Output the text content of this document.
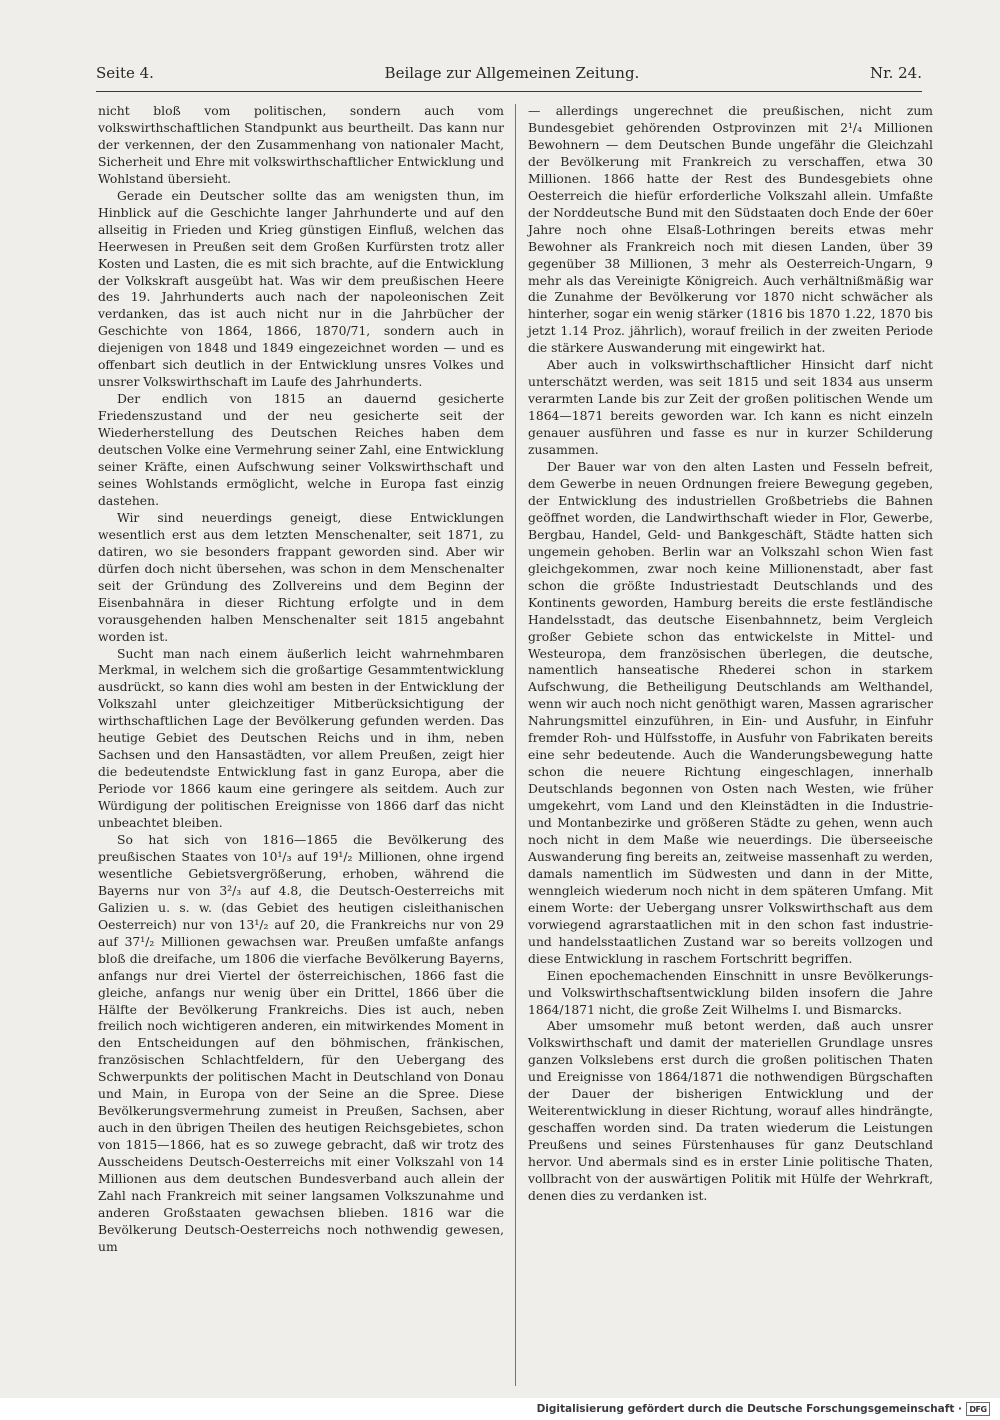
Seite 4.	Beilage zur Allgemeinen Zeitung.	Nr. 24.

nicht bloß vom politischen, sondern auch vom volkswirthschaftlichen Standpunkt aus beurtheilt. Das kann nur der verkennen, der den Zusammenhang von nationaler Macht, Sicherheit und Ehre mit volkswirthschaftlicher Entwicklung und Wohlstand übersieht.

Gerade ein Deutscher sollte das am wenigsten thun, im Hinblick auf die Geschichte langer Jahrhunderte und auf den allseitig in Frieden und Krieg günstigen Einfluß, welchen das Heerwesen in Preußen seit dem Großen Kurfürsten trotz aller Kosten und Lasten, die es mit sich brachte, auf die Entwicklung der Volkskraft ausgeübt hat. Was wir dem preußischen Heere des 19. Jahrhunderts auch nach der napoleonischen Zeit verdanken, das ist auch nicht nur in die Jahrbücher der Geschichte von 1864, 1866, 1870/71, sondern auch in diejenigen von 1848 und 1849 eingezeichnet worden — und es offenbart sich deutlich in der Entwicklung unsres Volkes und unsrer Volkswirthschaft im Laufe des Jahrhunderts.

Der endlich von 1815 an dauernd gesicherte Friedenszustand und der neu gesicherte seit der Wiederherstellung des Deutschen Reiches haben dem deutschen Volke eine Vermehrung seiner Zahl, eine Entwicklung seiner Kräfte, einen Aufschwung seiner Volkswirthschaft und seines Wohlstands ermöglicht, welche in Europa fast einzig dastehen.

Wir sind neuerdings geneigt, diese Entwicklungen wesentlich erst aus dem letzten Menschenalter, seit 1871, zu datiren, wo sie besonders frappant geworden sind. Aber wir dürfen doch nicht übersehen, was schon in dem Menschenalter seit der Gründung des Zollvereins und dem Beginn der Eisenbahnära in dieser Richtung erfolgte und in dem vorausgehenden halben Menschenalter seit 1815 angebahnt worden ist.

Sucht man nach einem äußerlich leicht wahrnehmbaren Merkmal, in welchem sich die großartige Gesammtentwicklung ausdrückt, so kann dies wohl am besten in der Entwicklung der Volkszahl unter gleichzeitiger Mitberücksichtigung der wirthschaftlichen Lage der Bevölkerung gefunden werden. Das heutige Gebiet des Deutschen Reichs und in ihm, neben Sachsen und den Hansastädten, vor allem Preußen, zeigt hier die bedeutendste Entwicklung fast in ganz Europa, aber die Periode vor 1866 kaum eine geringere als seitdem. Auch zur Würdigung der politischen Ereignisse von 1866 darf das nicht unbeachtet bleiben.

So hat sich von 1816—1865 die Bevölkerung des preußischen Staates von 10¹/₃ auf 19¹/₂ Millionen, ohne irgend wesentliche Gebietsvergrößerung, erhoben, während die Bayerns nur von 3²/₃ auf 4.8, die Deutsch-Oesterreichs mit Galizien u. s. w. (das Gebiet des heutigen cisleithanischen Oesterreich) nur von 13¹/₂ auf 20, die Frankreichs nur von 29 auf 37¹/₂ Millionen gewachsen war. Preußen umfaßte anfangs bloß die dreifache, um 1806 die vierfache Bevölkerung Bayerns, anfangs nur drei Viertel der österreichischen, 1866 fast die gleiche, anfangs nur wenig über ein Drittel, 1866 über die Hälfte der Bevölkerung Frankreichs. Dies ist auch, neben freilich noch wichtigeren anderen, ein mitwirkendes Moment in den Entscheidungen auf den böhmischen, fränkischen, französischen Schlachtfeldern, für den Uebergang des Schwerpunkts der politischen Macht in Deutschland von Donau und Main, in Europa von der Seine an die Spree. Diese Bevölkerungsvermehrung zumeist in Preußen, Sachsen, aber auch in den übrigen Theilen des heutigen Reichsgebietes, schon von 1815—1866, hat es so zuwege gebracht, daß wir trotz des Ausscheidens Deutsch-Oesterreichs mit einer Volkszahl von 14 Millionen aus dem deutschen Bundesverband auch allein der Zahl nach Frankreich mit seiner langsamen Volkszunahme und anderen Großstaaten gewachsen blieben. 1816 war die Bevölkerung Deutsch-Oesterreichs noch nothwendig gewesen, um

— allerdings ungerechnet die preußischen, nicht zum Bundesgebiet gehörenden Ostprovinzen mit 2¹/₄ Millionen Bewohnern — dem Deutschen Bunde ungefähr die Gleichzahl der Bevölkerung mit Frankreich zu verschaffen, etwa 30 Millionen. 1866 hatte der Rest des Bundesgebiets ohne Oesterreich die hiefür erforderliche Volkszahl allein. Umfaßte der Norddeutsche Bund mit den Südstaaten doch Ende der 60er Jahre noch ohne Elsaß-Lothringen bereits etwas mehr Bewohner als Frankreich noch mit diesen Landen, über 39 gegenüber 38 Millionen, 3 mehr als Oesterreich-Ungarn, 9 mehr als das Vereinigte Königreich. Auch verhältnißmäßig war die Zunahme der Bevölkerung vor 1870 nicht schwächer als hinterher, sogar ein wenig stärker (1816 bis 1870 1.22, 1870 bis jetzt 1.14 Proz. jährlich), worauf freilich in der zweiten Periode die stärkere Auswanderung mit eingewirkt hat.

Aber auch in volkswirthschaftlicher Hinsicht darf nicht unterschätzt werden, was seit 1815 und seit 1834 aus unserm verarmten Lande bis zur Zeit der großen politischen Wende um 1864—1871 bereits geworden war. Ich kann es nicht einzeln genauer ausführen und fasse es nur in kurzer Schilderung zusammen.

Der Bauer war von den alten Lasten und Fesseln befreit, dem Gewerbe in neuen Ordnungen freiere Bewegung gegeben, der Entwicklung des industriellen Großbetriebs die Bahnen geöffnet worden, die Landwirthschaft wieder in Flor, Gewerbe, Bergbau, Handel, Geld- und Bankgeschäft, Städte hatten sich ungemein gehoben. Berlin war an Volkszahl schon Wien fast gleichgekommen, zwar noch keine Millionenstadt, aber fast schon die größte Industriestadt Deutschlands und des Kontinents geworden, Hamburg bereits die erste festländische Handelsstadt, das deutsche Eisenbahnnetz, beim Vergleich großer Gebiete schon das entwickelste in Mittel- und Westeuropa, dem französischen überlegen, die deutsche, namentlich hanseatische Rhederei schon in starkem Aufschwung, die Betheiligung Deutschlands am Welthandel, wenn wir auch noch nicht genöthigt waren, Massen agrarischer Nahrungsmittel einzuführen, in Ein- und Ausfuhr, in Einfuhr fremder Roh- und Hülfsstoffe, in Ausfuhr von Fabrikaten bereits eine sehr bedeutende. Auch die Wanderungsbewegung hatte schon die neuere Richtung eingeschlagen, innerhalb Deutschlands begonnen von Osten nach Westen, wie früher umgekehrt, vom Land und den Kleinstädten in die Industrie- und Montanbezirke und größeren Städte zu gehen, wenn auch noch nicht in dem Maße wie neuerdings. Die überseeische Auswanderung fing bereits an, zeitweise massenhaft zu werden, damals namentlich im Südwesten und dann in der Mitte, wenngleich wiederum noch nicht in dem späteren Umfang. Mit einem Worte: der Uebergang unsrer Volkswirthschaft aus dem vorwiegend agrarstaatlichen mit in den schon fast industrie- und handelsstaatlichen Zustand war so bereits vollzogen und diese Entwicklung in raschem Fortschritt begriffen.

Einen epochemachenden Einschnitt in unsre Bevölkerungs- und Volkswirthschaftsentwicklung bilden insofern die Jahre 1864/1871 nicht, die große Zeit Wilhelms I. und Bismarcks.

Aber umsomehr muß betont werden, daß auch unsrer Volkswirthschaft und damit der materiellen Grundlage unsres ganzen Volkslebens erst durch die großen politischen Thaten und Ereignisse von 1864/1871 die nothwendigen Bürgschaften der Dauer der bisherigen Entwicklung und der Weiterentwicklung in dieser Richtung, worauf alles hindrängte, geschaffen worden sind. Da traten wiederum die Leistungen Preußens und seines Fürstenhauses für ganz Deutschland hervor. Und abermals sind es in erster Linie politische Thaten, vollbracht von der auswärtigen Politik mit Hülfe der Wehrkraft, denen dies zu verdanken ist.

Digitalisierung gefördert durch die Deutsche Forschungsgemeinschaft · DFG
